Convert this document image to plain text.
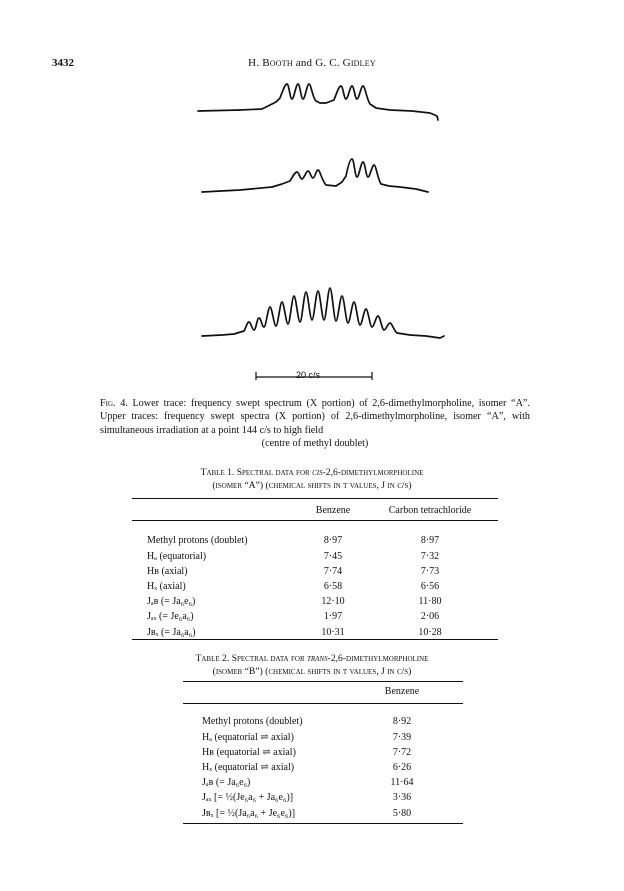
3432	H. Booth and G. C. Gidley
20 c/s
Fig. 4. Lower trace: frequency swept spectrum (X portion) of 2,6-dimethylmorpholine, isomer “A”. Upper traces: frequency swept spectra (X portion) of 2,6-dimethylmorpholine, isomer “A”, with simultaneous irradiation at a point 144 c/s to high field
(centre of methyl doublet)
Table 1. Spectral data for cis-2,6-dimethylmorpholine
(isomer “A”) (chemical shifts in τ values, J in c/s)
	Benzene	Carbon tetrachloride

Methyl protons (doublet)	8·97	8·97
Hₐ (equatorial)	7·45	7·32
Hʙ (axial)	7·74	7·73
Hₓ (axial)	6·58	6·56
Jₐʙ (= Ja₆e₆)	12·10	11·80
Jₐₓ (= Je₆a₆)	1·97	2·06
Jʙₓ (= Ja₆a₆)	10·31	10·28
Table 2. Spectral data for trans-2,6-dimethylmorpholine
(isomer “B”) (chemical shifts in τ values, J in c/s)
	Benzene

Methyl protons (doublet)	8·92
Hₐ (equatorial ⇌ axial)	7·39
Hʙ (equatorial ⇌ axial)	7·72
Hₓ (equatorial ⇌ axial)	6·26
Jₐʙ (= Ja₆e₆)	11·64
Jₐₓ [= ½(Je₆a₆ + Ja₆e₆)]	3·36
Jʙₓ [= ½(Ja₆a₆ + Je₆e₆)]	5·80
